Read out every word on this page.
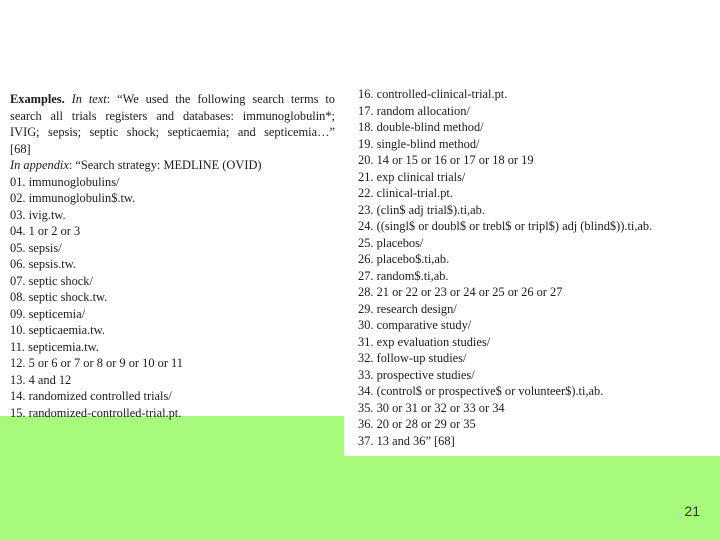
Examples. In text: “We used the following search terms to
search all trials registers and databases: immunoglobulin*;
IVIG; sepsis; septic shock; septicaemia; and septicemia…”
[68]
In appendix: “Search strategy: MEDLINE (OVID)
01. immunoglobulins/
02. immunoglobulin$.tw.
03. ivig.tw.
04. 1 or 2 or 3
05. sepsis/
06. sepsis.tw.
07. septic shock/
08. septic shock.tw.
09. septicemia/
10. septicaemia.tw.
11. septicemia.tw.
12. 5 or 6 or 7 or 8 or 9 or 10 or 11
13. 4 and 12
14. randomized controlled trials/
15. randomized-controlled-trial.pt.
16. controlled-clinical-trial.pt.
17. random allocation/
18. double-blind method/
19. single-blind method/
20. 14 or 15 or 16 or 17 or 18 or 19
21. exp clinical trials/
22. clinical-trial.pt.
23. (clin$ adj trial$).ti,ab.
24. ((singl$ or doubl$ or trebl$ or tripl$) adj (blind$)).ti,ab.
25. placebos/
26. placebo$.ti,ab.
27. random$.ti,ab.
28. 21 or 22 or 23 or 24 or 25 or 26 or 27
29. research design/
30. comparative study/
31. exp evaluation studies/
32. follow-up studies/
33. prospective studies/
34. (control$ or prospective$ or volunteer$).ti,ab.
35. 30 or 31 or 32 or 33 or 34
36. 20 or 28 or 29 or 35
37. 13 and 36” [68]
21
